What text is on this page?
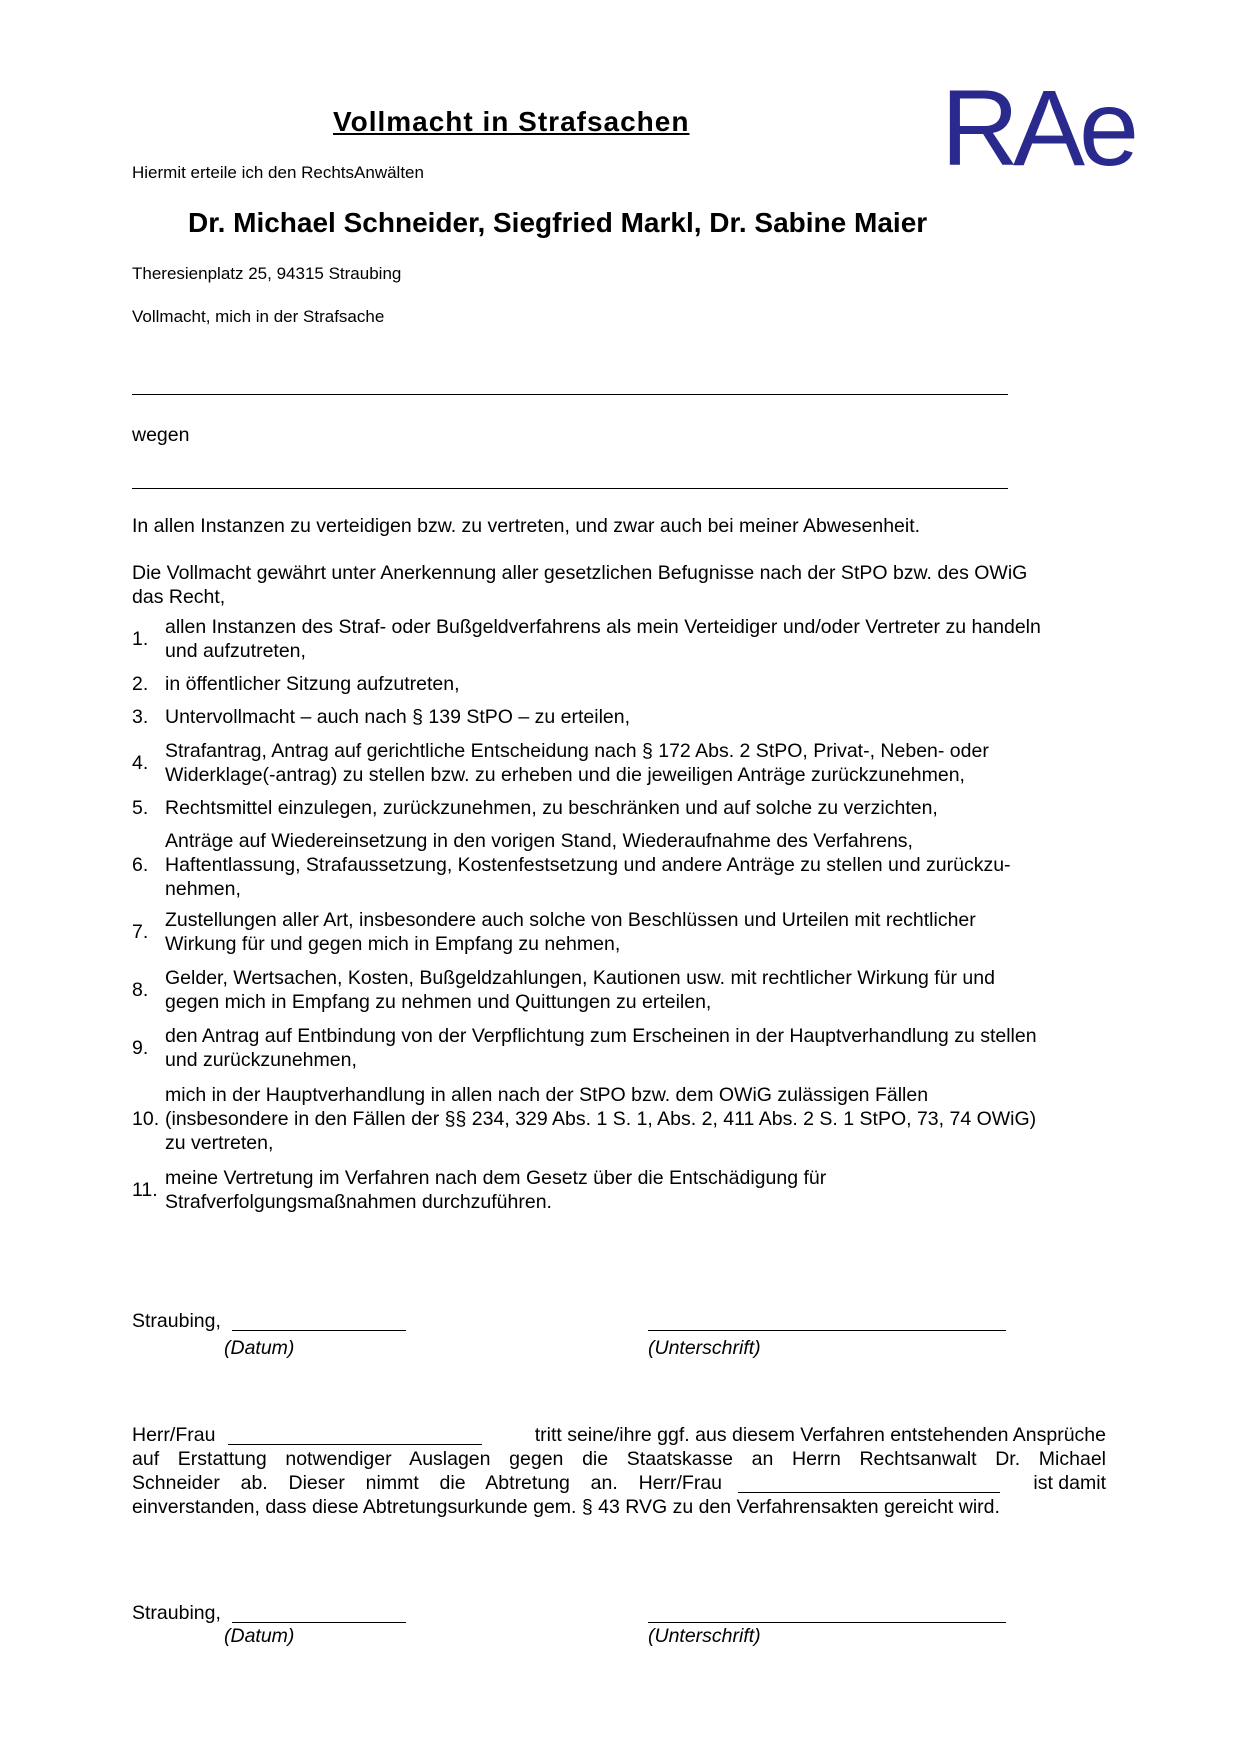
Vollmacht in Strafsachen	RAe
Hiermit erteile ich den RechtsAnwälten
Dr. Michael Schneider, Siegfried Markl, Dr. Sabine Maier
Theresienplatz 25, 94315 Straubing
Vollmacht, mich in der Strafsache
wegen
In allen Instanzen zu verteidigen bzw. zu vertreten, und zwar auch bei meiner Abwesenheit.
Die Vollmacht gewährt unter Anerkennung aller gesetzlichen Befugnisse nach der StPO bzw. des OWiG
das Recht,
1.
allen Instanzen des Straf- oder Bußgeldverfahrens als mein Verteidiger und/oder Vertreter zu handeln
und aufzutreten,
2. in öffentlicher Sitzung aufzutreten,
3. Untervollmacht – auch nach § 139 StPO – zu erteilen,
4.
Strafantrag, Antrag auf gerichtliche Entscheidung nach § 172 Abs. 2 StPO, Privat-, Neben- oder
Widerklage(-antrag) zu stellen bzw. zu erheben und die jeweiligen Anträge zurückzunehmen,
5. Rechtsmittel einzulegen, zurückzunehmen, zu beschränken und auf solche zu verzichten,
6.
Anträge auf Wiedereinsetzung in den vorigen Stand, Wiederaufnahme des Verfahrens,
Haftentlassung, Strafaussetzung, Kostenfestsetzung und andere Anträge zu stellen und zurückzu-
nehmen,
7.
Zustellungen aller Art, insbesondere auch solche von Beschlüssen und Urteilen mit rechtlicher
Wirkung für und gegen mich in Empfang zu nehmen,
8.
Gelder, Wertsachen, Kosten, Bußgeldzahlungen, Kautionen usw. mit rechtlicher Wirkung für und
gegen mich in Empfang zu nehmen und Quittungen zu erteilen,
9.
den Antrag auf Entbindung von der Verpflichtung zum Erscheinen in der Hauptverhandlung zu stellen
und zurückzunehmen,
10.
mich in der Hauptverhandlung in allen nach der StPO bzw. dem OWiG zulässigen Fällen
(insbesondere in den Fällen der §§ 234, 329 Abs. 1 S. 1, Abs. 2, 411 Abs. 2 S. 1 StPO, 73, 74 OWiG)
zu vertreten,
11.
meine Vertretung im Verfahren nach dem Gesetz über die Entschädigung für
Strafverfolgungsmaßnahmen durchzuführen.
Straubing,
(Datum)	(Unterschrift)
Herr/Frau	tritt seine/ihre ggf. aus diesem Verfahren entstehenden Ansprüche
auf Erstattung notwendiger Auslagen gegen die Staatskasse an Herrn Rechtsanwalt Dr. Michael
Schneider ab. Dieser nimmt die Abtretung an. Herr/Frau	ist damit
einverstanden, dass diese Abtretungsurkunde gem. § 43 RVG zu den Verfahrensakten gereicht wird.
Straubing,
(Datum)	(Unterschrift)
